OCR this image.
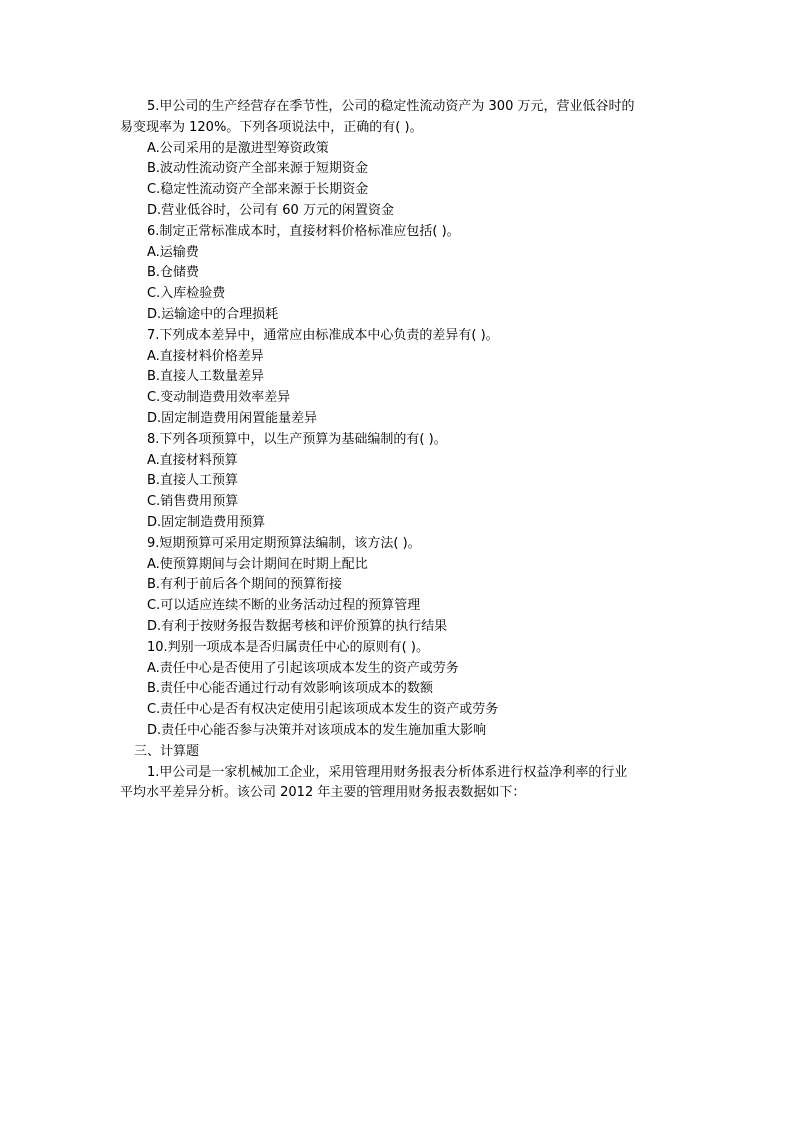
5.甲公司的生产经营存在季节性，公司的稳定性流动资产为 300 万元，营业低谷时的
易变现率为 120%。下列各项说法中，正确的有( )。
A.公司采用的是激进型筹资政策
B.波动性流动资产全部来源于短期资金
C.稳定性流动资产全部来源于长期资金
D.营业低谷时，公司有 60 万元的闲置资金
6.制定正常标准成本时，直接材料价格标准应包括( )。
A.运输费
B.仓储费
C.入库检验费
D.运输途中的合理损耗
7.下列成本差异中，通常应由标准成本中心负责的差异有( )。
A.直接材料价格差异
B.直接人工数量差异
C.变动制造费用效率差异
D.固定制造费用闲置能量差异
8.下列各项预算中，以生产预算为基础编制的有( )。
A.直接材料预算
B.直接人工预算
C.销售费用预算
D.固定制造费用预算
9.短期预算可采用定期预算法编制，该方法( )。
A.使预算期间与会计期间在时期上配比
B.有利于前后各个期间的预算衔接
C.可以适应连续不断的业务活动过程的预算管理
D.有利于按财务报告数据考核和评价预算的执行结果
10.判别一项成本是否归属责任中心的原则有( )。
A.责任中心是否使用了引起该项成本发生的资产或劳务
B.责任中心能否通过行动有效影响该项成本的数额
C.责任中心是否有权决定使用引起该项成本发生的资产或劳务
D.责任中心能否参与决策并对该项成本的发生施加重大影响
三、计算题
1.甲公司是一家机械加工企业，采用管理用财务报表分析体系进行权益净利率的行业
平均水平差异分析。该公司 2012 年主要的管理用财务报表数据如下：
